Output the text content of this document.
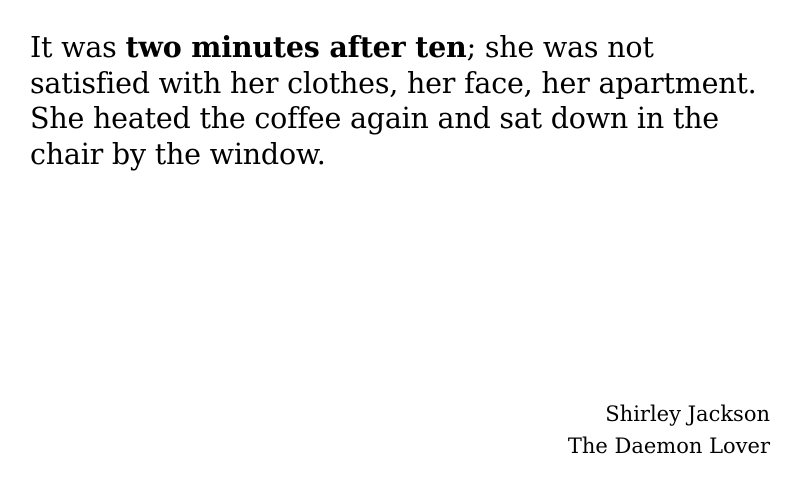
It was two minutes after ten; she was not satisfied with her clothes, her face, her apartment. She heated the coffee again and sat down in the chair by the window.

Shirley Jackson
The Daemon Lover
